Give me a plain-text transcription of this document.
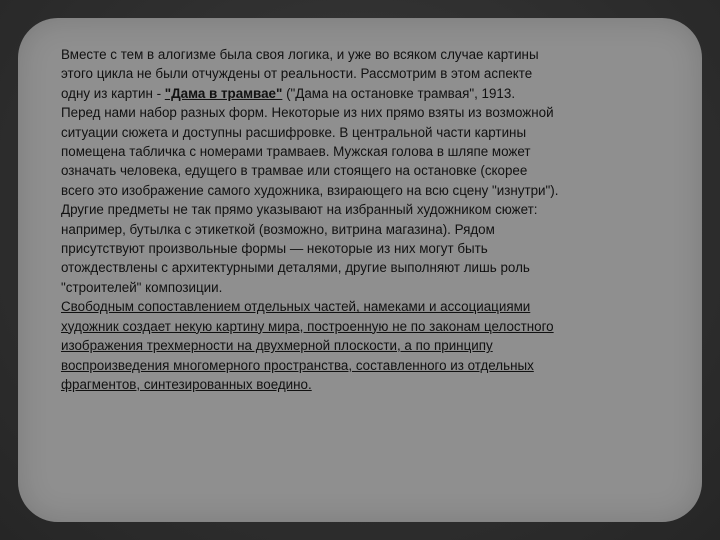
Вместе с тем в алогизме была своя логика, и уже во всяком случае картины
этого цикла не были отчуждены от реальности. Рассмотрим в этом аспекте
одну из картин - "Дама в трамвае" ("Дама на остановке трамвая", 1913.
Перед нами набор разных форм. Некоторые из них прямо взяты из возможной
ситуации сюжета и доступны расшифровке. В центральной части картины
помещена табличка с номерами трамваев. Мужская голова в шляпе может
означать человека, едущего в трамвае или стоящего на остановке (скорее
всего это изображение самого художника, взирающего на всю сцену "изнутри").
Другие предметы не так прямо указывают на избранный художником сюжет:
например, бутылка с этикеткой (возможно, витрина магазина). Рядом
присутствуют произвольные формы — некоторые из них могут быть
отождествлены с архитектурными деталями, другие выполняют лишь роль
"строителей" композиции.
Свободным сопоставлением отдельных частей, намеками и ассоциациями
художник создает некую картину мира, построенную не по законам целостного
изображения трехмерности на двухмерной плоскости, а по принципу
воспроизведения многомерного пространства, составленного из отдельных
фрагментов, синтезированных воедино.
